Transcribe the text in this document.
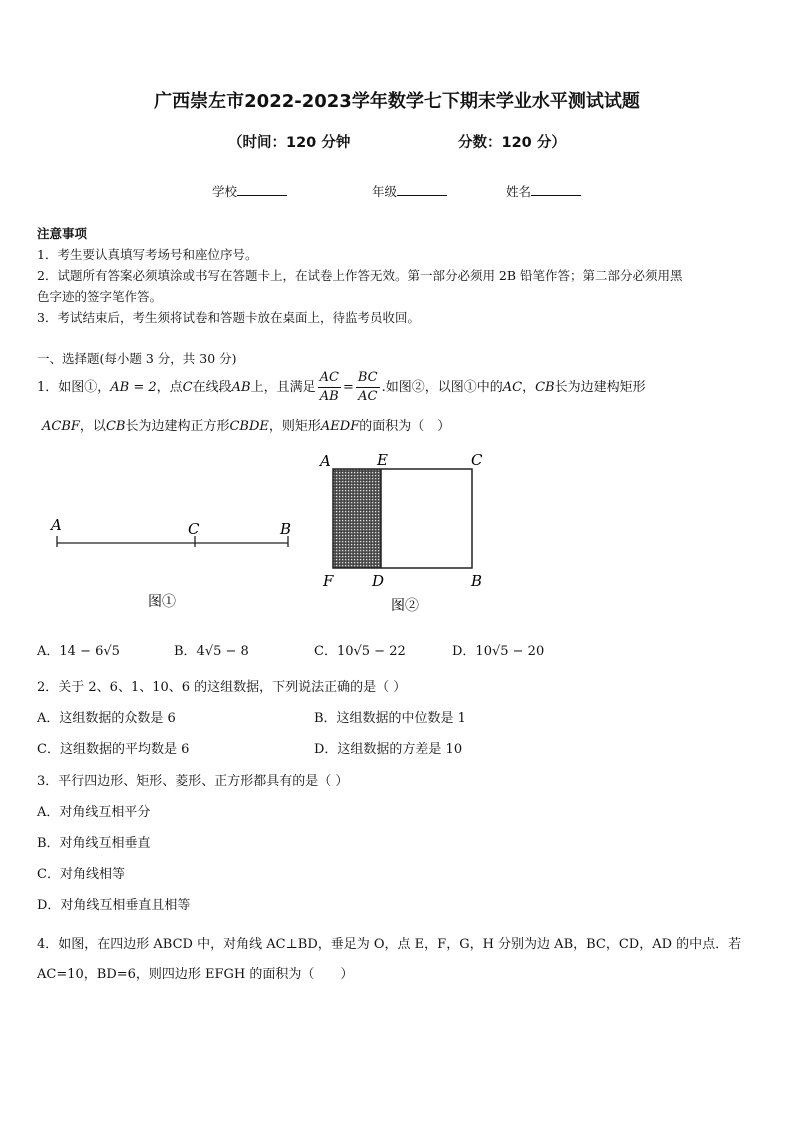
广西崇左市2022-2023学年数学七下期末学业水平测试试题
（时间：120 分钟	分数：120 分）
学校	年级	姓名
注意事项
1．考生要认真填写考场号和座位序号。
2．试题所有答案必须填涂或书写在答题卡上，在试卷上作答无效。第一部分必须用 2B 铅笔作答；第二部分必须用黑
色字迹的签字笔作答。
3．考试结束后，考生须将试卷和答题卡放在桌面上，待监考员收回。
一、选择题(每小题 3 分，共 30 分)
1．如图①，AB = 2，点C在线段AB上，且满足 $\frac{AC}{AB} = \frac{BC}{AC}$ .如图②，以图①中的AC，CB长为边建构矩形
ACBF，以CB长为边建构正方形CBDE，则矩形AEDF的面积为（　）
A	C	B
图①
A	E	C
F	D	B
图②
A．14 − 6√5	B．4√5 − 8	C．10√5 − 22	D．10√5 − 20
2．关于 2、6、1、10、6 的这组数据，下列说法正确的是（ ）
A．这组数据的众数是 6	B．这组数据的中位数是 1
C．这组数据的平均数是 6	D．这组数据的方差是 10
3．平行四边形、矩形、菱形、正方形都具有的是（ ）
A．对角线互相平分
B．对角线互相垂直
C．对角线相等
D．对角线互相垂直且相等
4．如图，在四边形 ABCD 中，对角线 AC⊥BD，垂足为 O，点 E，F，G，H 分别为边 AB，BC，CD，AD 的中点．若
AC=10，BD=6，则四边形 EFGH 的面积为（　　）
